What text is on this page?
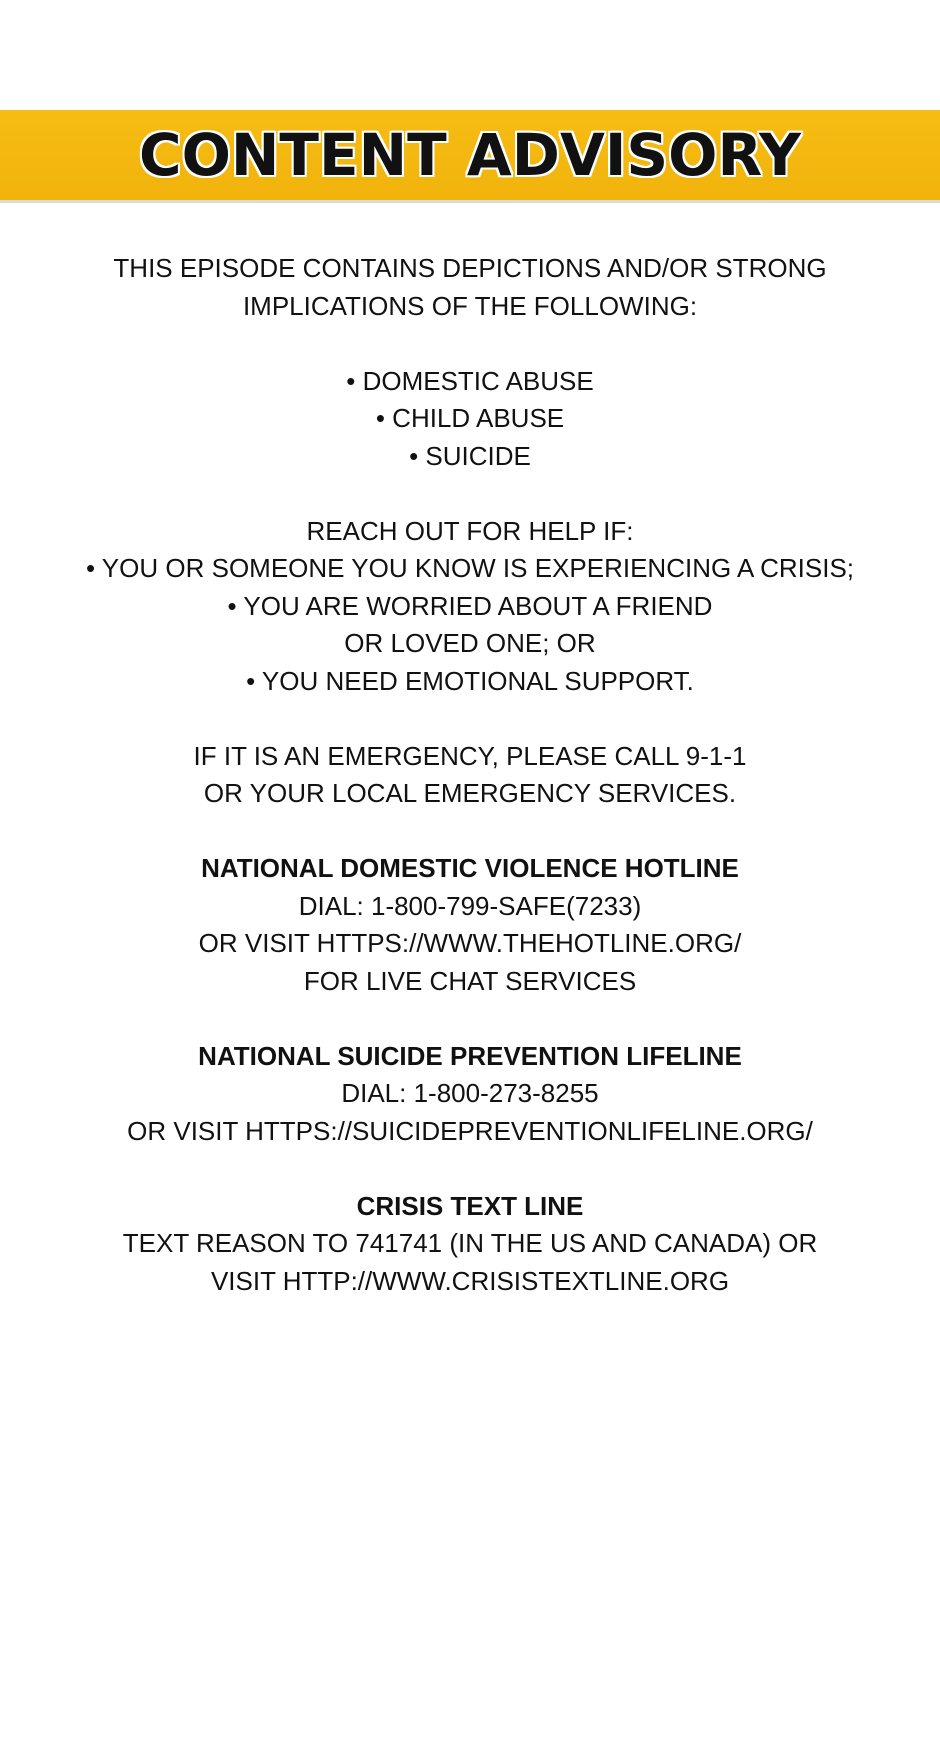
CONTENT ADVISORY
THIS EPISODE CONTAINS DEPICTIONS AND/OR STRONG
IMPLICATIONS OF THE FOLLOWING:
• DOMESTIC ABUSE
• CHILD ABUSE
• SUICIDE
REACH OUT FOR HELP IF:
• YOU OR SOMEONE YOU KNOW IS EXPERIENCING A CRISIS;
• YOU ARE WORRIED ABOUT A FRIEND
OR LOVED ONE; OR
• YOU NEED EMOTIONAL SUPPORT.
IF IT IS AN EMERGENCY, PLEASE CALL 9-1-1
OR YOUR LOCAL EMERGENCY SERVICES.
NATIONAL DOMESTIC VIOLENCE HOTLINE
DIAL: 1-800-799-SAFE(7233)
OR VISIT HTTPS://WWW.THEHOTLINE.ORG/
FOR LIVE CHAT SERVICES
NATIONAL SUICIDE PREVENTION LIFELINE
DIAL: 1-800-273-8255
OR VISIT HTTPS://SUICIDEPREVENTIONLIFELINE.ORG/
CRISIS TEXT LINE
TEXT REASON TO 741741 (IN THE US AND CANADA) OR
VISIT HTTP://WWW.CRISISTEXTLINE.ORG
